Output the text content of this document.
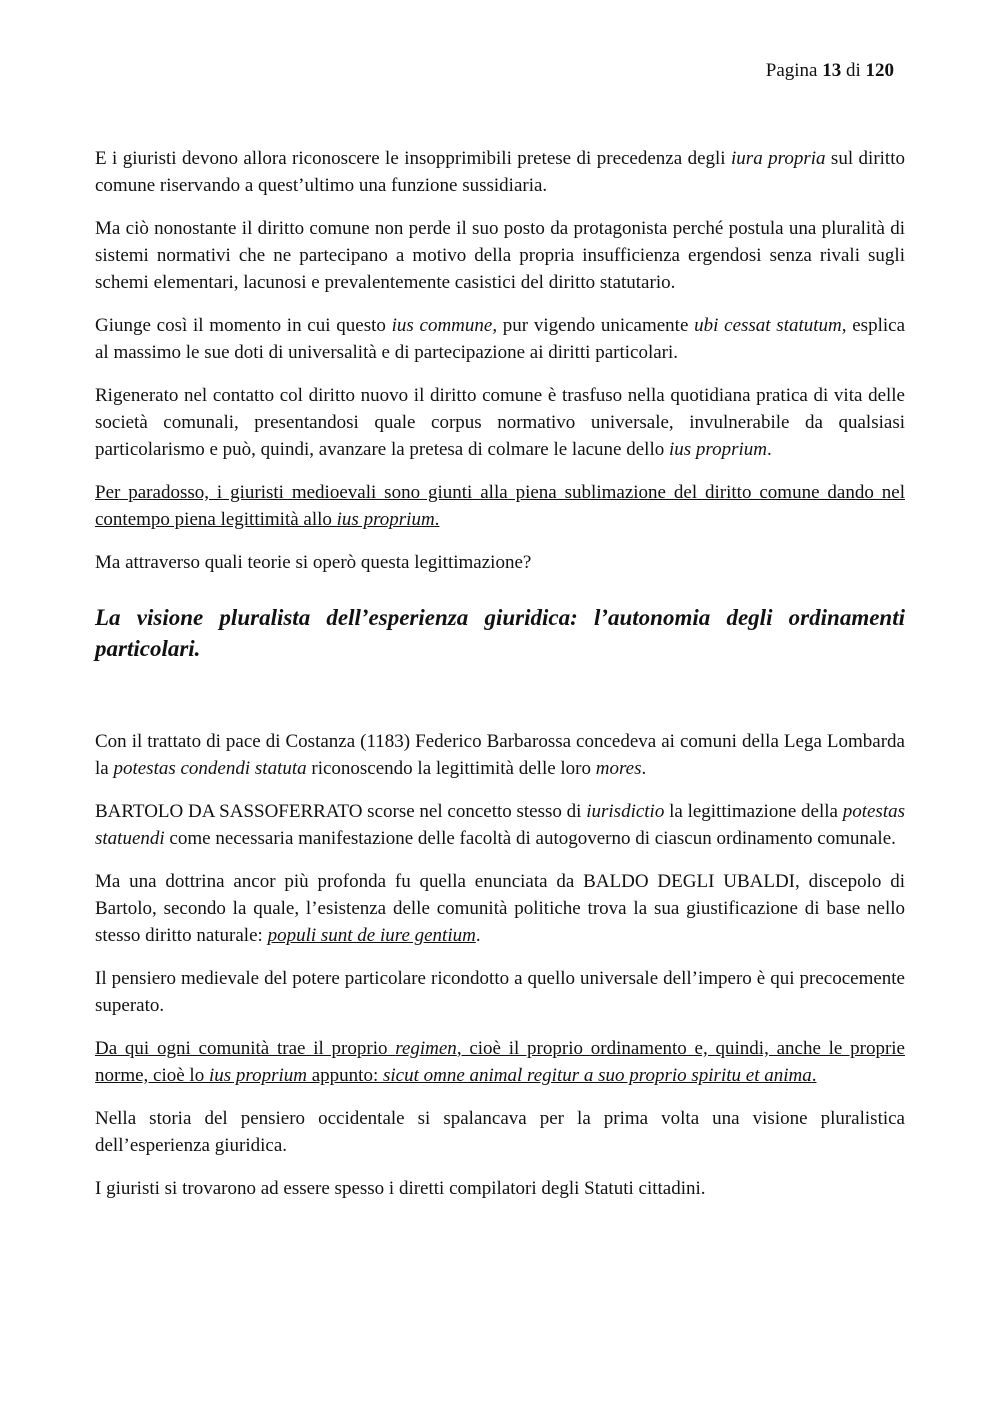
Pagina 13 di 120

E i giuristi devono allora riconoscere le insopprimibili pretese di precedenza degli iura propria sul diritto comune riservando a quest’ultimo una funzione sussidiaria.

Ma ciò nonostante il diritto comune non perde il suo posto da protagonista perché postula una pluralità di sistemi normativi che ne partecipano a motivo della propria insufficienza ergendosi senza rivali sugli schemi elementari, lacunosi e prevalentemente casistici del diritto statutario.

Giunge così il momento in cui questo ius commune, pur vigendo unicamente ubi cessat statutum, esplica al massimo le sue doti di universalità e di partecipazione ai diritti particolari.

Rigenerato nel contatto col diritto nuovo il diritto comune è trasfuso nella quotidiana pratica di vita delle società comunali, presentandosi quale corpus normativo universale, invulnerabile da qualsiasi particolarismo e può, quindi, avanzare la pretesa di colmare le lacune dello ius proprium.

Per paradosso, i giuristi medioevali sono giunti alla piena sublimazione del diritto comune dando nel contempo piena legittimità allo ius proprium.

Ma attraverso quali teorie si operò questa legittimazione?

La visione pluralista dell’esperienza giuridica: l’autonomia degli ordinamenti particolari.

Con il trattato di pace di Costanza (1183) Federico Barbarossa concedeva ai comuni della Lega Lombarda la potestas condendi statuta riconoscendo la legittimità delle loro mores.

BARTOLO DA SASSOFERRATO scorse nel concetto stesso di iurisdictio la legittimazione della potestas statuendi come necessaria manifestazione delle facoltà di autogoverno di ciascun ordinamento comunale.

Ma una dottrina ancor più profonda fu quella enunciata da BALDO DEGLI UBALDI, discepolo di Bartolo, secondo la quale, l’esistenza delle comunità politiche trova la sua giustificazione di base nello stesso diritto naturale: populi sunt de iure gentium.

Il pensiero medievale del potere particolare ricondotto a quello universale dell’impero è qui precocemente superato.

Da qui ogni comunità trae il proprio regimen, cioè il proprio ordinamento e, quindi, anche le proprie norme, cioè lo ius proprium appunto: sicut omne animal regitur a suo proprio spiritu et anima.

Nella storia del pensiero occidentale si spalancava per la prima volta una visione pluralistica dell’esperienza giuridica.

I giuristi si trovarono ad essere spesso i diretti compilatori degli Statuti cittadini.
